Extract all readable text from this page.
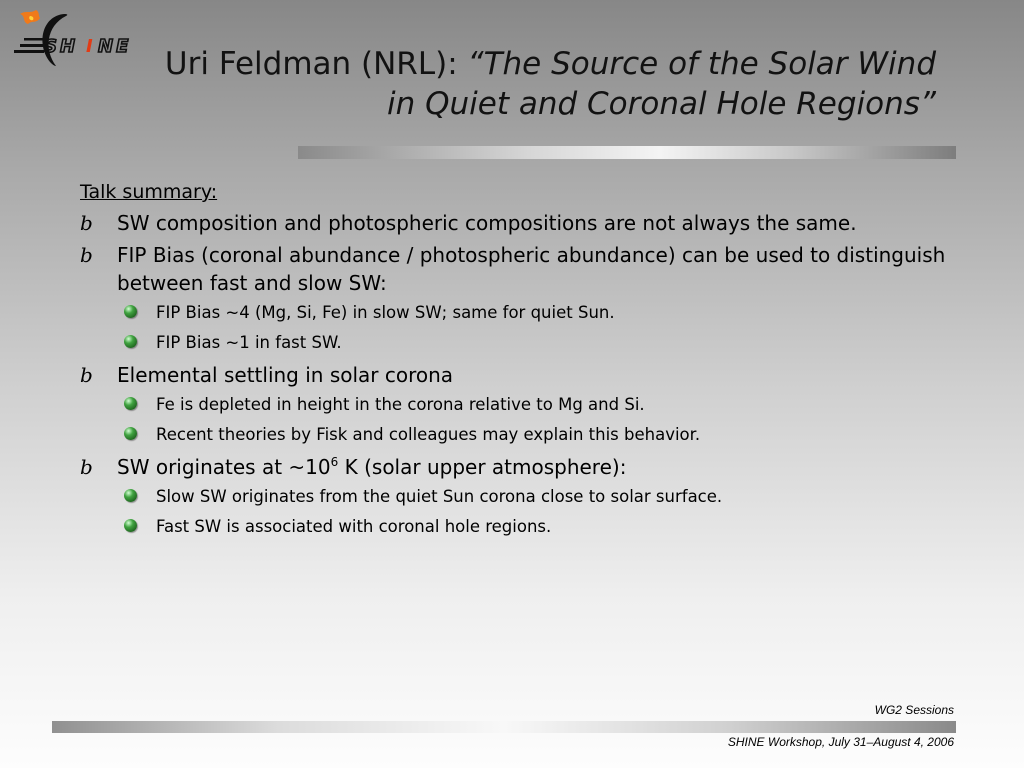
SH I NE	Uri Feldman (NRL): “The Source of the Solar Wind in Quiet and Coronal Hole Regions”
Talk summary:
b SW composition and photospheric compositions are not always the same.
b FIP Bias (coronal abundance / photospheric abundance) can be used to distinguish between fast and slow SW:
FIP Bias ~4 (Mg, Si, Fe) in slow SW; same for quiet Sun.
FIP Bias ~1 in fast SW.
b Elemental settling in solar corona
Fe is depleted in height in the corona relative to Mg and Si.
Recent theories by Fisk and colleagues may explain this behavior.
b SW originates at $\sim 10^6$ K (solar upper atmosphere):
Slow SW originates from the quiet Sun corona close to solar surface.
Fast SW is associated with coronal hole regions.
WG2 Sessions
SHINE Workshop, July 31–August 4, 2006
